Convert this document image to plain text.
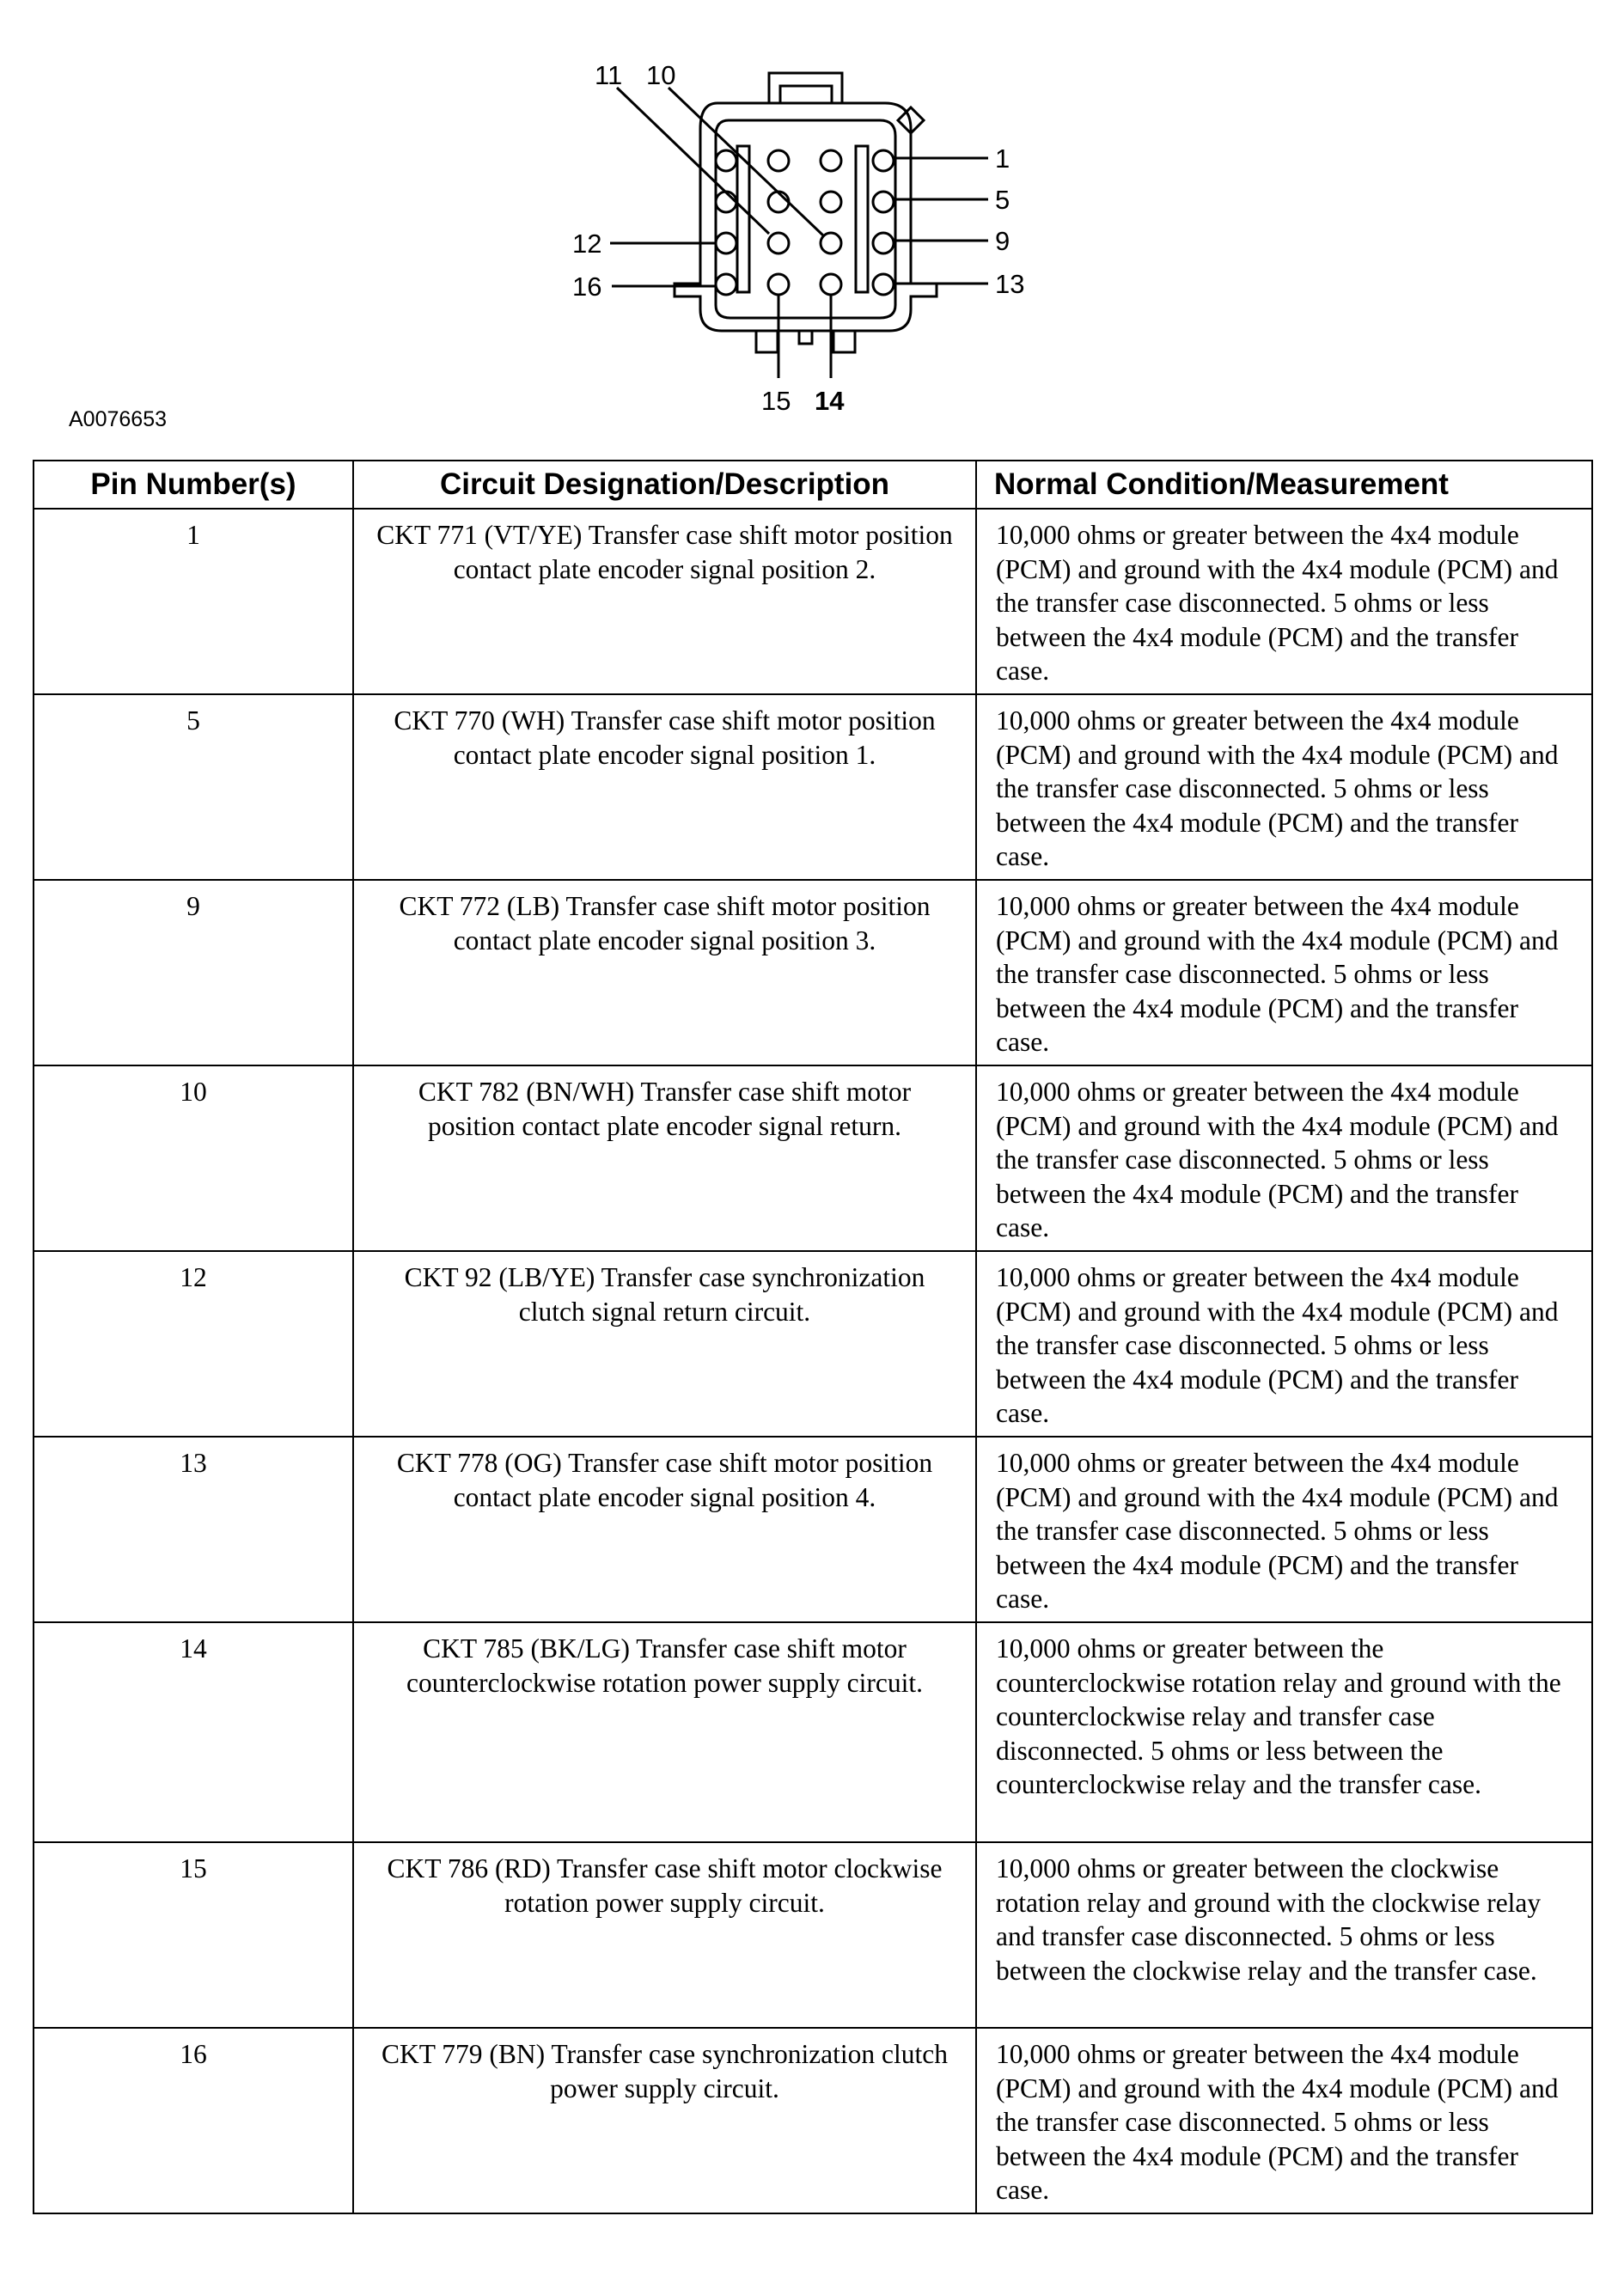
1
5
9
13
12
16
11 10
15 14
A0076653
Pin Number(s)	Circuit Designation/Description	Normal Condition/Measurement
1	CKT 771 (VT/YE) Transfer case shift motor position contact plate encoder signal position 2.	10,000 ohms or greater between the 4x4 module (PCM) and ground with the 4x4 module (PCM) and the transfer case disconnected. 5 ohms or less between the 4x4 module (PCM) and the transfer case.
5	CKT 770 (WH) Transfer case shift motor position contact plate encoder signal position 1.	10,000 ohms or greater between the 4x4 module (PCM) and ground with the 4x4 module (PCM) and the transfer case disconnected. 5 ohms or less between the 4x4 module (PCM) and the transfer case.
9	CKT 772 (LB) Transfer case shift motor position contact plate encoder signal position 3.	10,000 ohms or greater between the 4x4 module (PCM) and ground with the 4x4 module (PCM) and the transfer case disconnected. 5 ohms or less between the 4x4 module (PCM) and the transfer case.
10	CKT 782 (BN/WH) Transfer case shift motor position contact plate encoder signal return.	10,000 ohms or greater between the 4x4 module (PCM) and ground with the 4x4 module (PCM) and the transfer case disconnected. 5 ohms or less between the 4x4 module (PCM) and the transfer case.
12	CKT 92 (LB/YE) Transfer case synchronization clutch signal return circuit.	10,000 ohms or greater between the 4x4 module (PCM) and ground with the 4x4 module (PCM) and the transfer case disconnected. 5 ohms or less between the 4x4 module (PCM) and the transfer case.
13	CKT 778 (OG) Transfer case shift motor position contact plate encoder signal position 4.	10,000 ohms or greater between the 4x4 module (PCM) and ground with the 4x4 module (PCM) and the transfer case disconnected. 5 ohms or less between the 4x4 module (PCM) and the transfer case.
14	CKT 785 (BK/LG) Transfer case shift motor counterclockwise rotation power supply circuit.	10,000 ohms or greater between the counterclockwise rotation relay and ground with the counterclockwise relay and transfer case disconnected. 5 ohms or less between the counterclockwise relay and the transfer case.
15	CKT 786 (RD) Transfer case shift motor clockwise rotation power supply circuit.	10,000 ohms or greater between the clockwise rotation relay and ground with the clockwise relay and transfer case disconnected. 5 ohms or less between the clockwise relay and the transfer case.
16	CKT 779 (BN) Transfer case synchronization clutch power supply circuit.	10,000 ohms or greater between the 4x4 module (PCM) and ground with the 4x4 module (PCM) and the transfer case disconnected. 5 ohms or less between the 4x4 module (PCM) and the transfer case.
